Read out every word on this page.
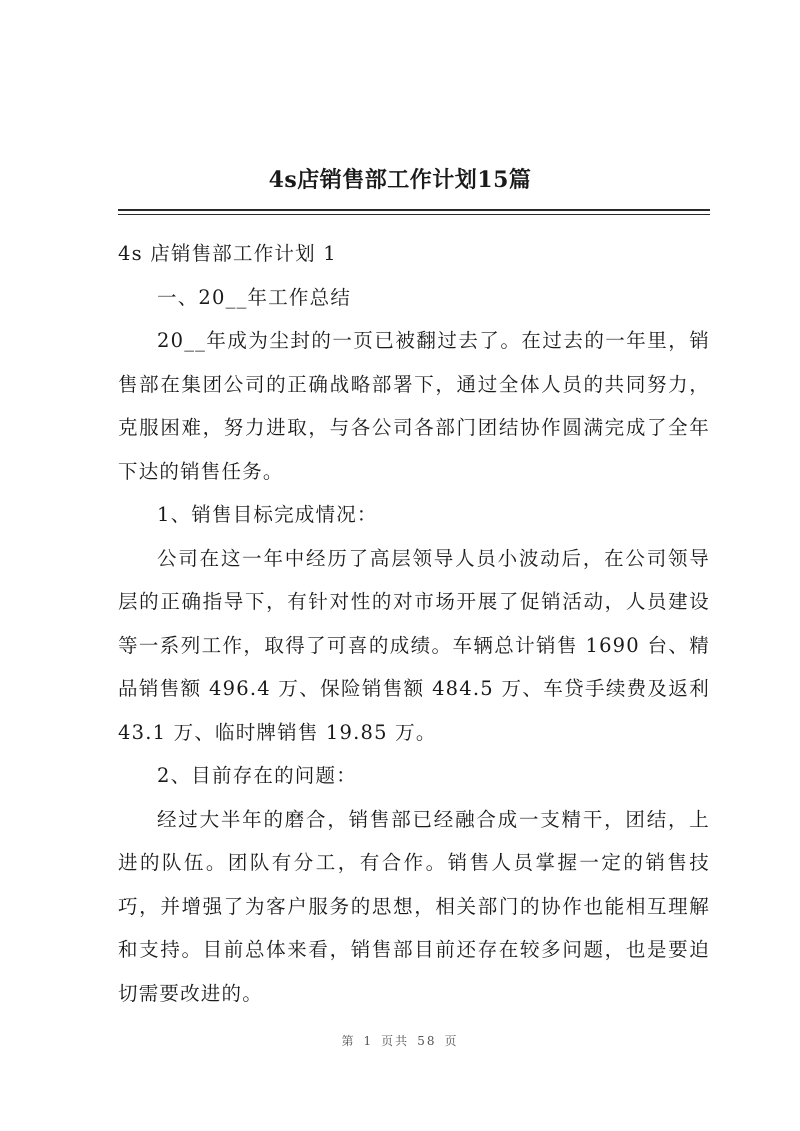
4s店销售部工作计划15篇

4s 店销售部工作计划 1

一、20__年工作总结

20__年成为尘封的一页已被翻过去了。在过去的一年里，销售部在集团公司的正确战略部署下，通过全体人员的共同努力，克服困难，努力进取，与各公司各部门团结协作圆满完成了全年下达的销售任务。

1、销售目标完成情况：

公司在这一年中经历了高层领导人员小波动后，在公司领导层的正确指导下，有针对性的对市场开展了促销活动，人员建设等一系列工作，取得了可喜的成绩。车辆总计销售 1690 台、精品销售额 496.4 万、保险销售额 484.5 万、车贷手续费及返利 43.1 万、临时牌销售 19.85 万。

2、目前存在的问题：

经过大半年的磨合，销售部已经融合成一支精干，团结，上进的队伍。团队有分工，有合作。销售人员掌握一定的销售技巧，并增强了为客户服务的思想，相关部门的协作也能相互理解和支持。目前总体来看，销售部目前还存在较多问题，也是要迫切需要改进的。

第 1 页共 58 页
